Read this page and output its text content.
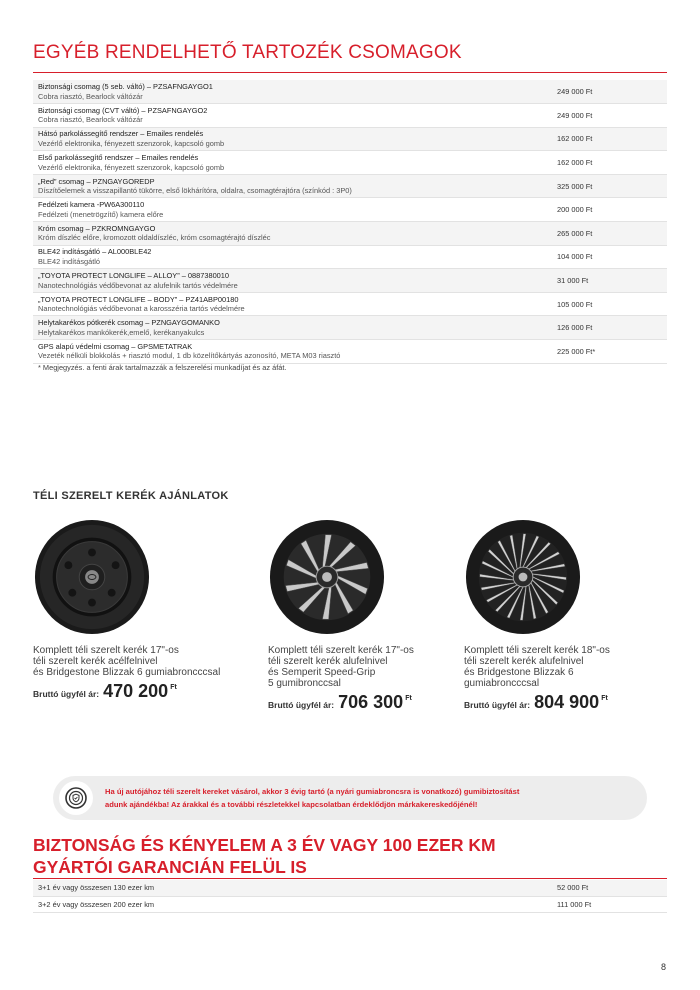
EGYÉB RENDELHETŐ TARTOZÉK CSOMAGOK
Biztonsági csomag (5 seb. váltó) – PZSAFNGAYGO1
Cobra riasztó, Bearlock váltózár	249 000 Ft

Biztonsági csomag (CVT váltó) – PZSAFNGAYGO2
Cobra riasztó, Bearlock váltózár	249 000 Ft

Hátsó parkolássegítő rendszer – Emailes rendelés
Vezérlő elektronika, fényezett szenzorok, kapcsoló gomb	162 000 Ft

Első parkolássegítő rendszer – Emailes rendelés
Vezérlő elektronika, fényezett szenzorok, kapcsoló gomb	162 000 Ft

„Red” csomag – PZNGAYGOREDP
Díszítőelemek a visszapillantó tükörre, első lökhárítóra, oldalra, csomagtérajtóra (színkód : 3P0)	325 000 Ft

Fedélzeti kamera -PW6A300110
Fedélzeti (menetrögzítő) kamera előre	200 000 Ft

Króm csomag – PZKROMNGAYGO
Króm díszléc előre, kromozott oldaldíszléc, króm csomagtérajtó díszléc	265 000 Ft

BLE42 indításgátló – AL000BLE42
BLE42 indításgátló	104 000 Ft

„TOYOTA PROTECT LONGLIFE – ALLOY” – 0887380010
Nanotechnológiás védőbevonat az alufelnik tartós védelmére	31 000 Ft

„TOYOTA PROTECT LONGLIFE – BODY” – PZ41ABP00180
Nanotechnológiás védőbevonat a karosszéria tartós védelmére	105 000 Ft

Helytakarékos pótkerék csomag – PZNGAYGOMANKO
Helytakarékos mankókerék,emelő, kerékanyakulcs	126 000 Ft

GPS alapú védelmi csomag – GPSMETATRAK
Vezeték nélküli blokkolás + riasztó modul, 1 db közelítőkártyás azonosító, META M03 riasztó	225 000 Ft*
* Megjegyzés. a fenti árak tartalmazzák a felszerelési munkadíjat és az áfát.
TÉLI SZERELT KERÉK AJÁNLATOK
Komplett téli szerelt kerék 17"-os
téli szerelt kerék acélfelnivel
és Bridgestone Blizzak 6 gumiabroncccsal
Bruttó ügyfél ár: 470 200 Ft
Komplett téli szerelt kerék 17"-os
téli szerelt kerék alufelnivel
és Semperit Speed-Grip
5 gumibronccsal
Bruttó ügyfél ár: 706 300 Ft
Komplett téli szerelt kerék 18"-os
téli szerelt kerék alufelnivel
és Bridgestone Blizzak 6
gumiabroncccsal
Bruttó ügyfél ár: 804 900 Ft
Ha új autójához téli szerelt kereket vásárol, akkor 3 évig tartó (a nyári gumiabroncsra is vonatkozó) gumibiztosítást
adunk ajándékba! Az árakkal és a további részletekkel kapcsolatban érdeklődjön márkakereskedőjénél!
BIZTONSÁG ÉS KÉNYELEM A 3 ÉV VAGY 100 EZER KM
GYÁRTÓI GARANCIÁN FELÜL IS
3+1 év vagy összesen 130 ezer km	52 000 Ft
3+2 év vagy összesen 200 ezer km	111 000 Ft
8
